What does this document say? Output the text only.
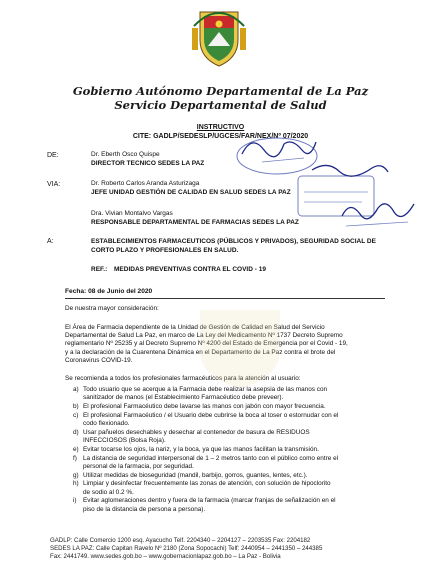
Gobierno Autónomo Departamental de La Paz
Servicio Departamental de Salud
INSTRUCTIVO
CITE: GADLP/SEDESLP/UGCES/FAR/NEX/Nº 07/2020
DE:	Dr. Eberth Osco Quispe
DIRECTOR TECNICO SEDES LA PAZ
VIA:	Dr. Roberto Carlos Aranda Asturizaga
JEFE UNIDAD GESTIÓN DE CALIDAD EN SALUD SEDES LA PAZ
Dra. Vivian Montalvo Vargas
RESPONSABLE DEPARTAMENTAL DE FARMACIAS SEDES LA PAZ
A:	ESTABLECIMIENTOS FARMACEUTICOS (PÚBLICOS Y PRIVADOS), SEGURIDAD SOCIAL DE
CORTO PLAZO Y PROFESIONALES EN SALUD.
REF.: MEDIDAS PREVENTIVAS CONTRA EL COVID - 19
Fecha: 08 de Junio del 2020
De nuestra mayor consideración:
El Área de Farmacia dependiente de la Unidad de Gestión de Calidad en Salud del Servicio
Departamental de Salud La Paz, en marco de La Ley del Medicamento Nº 1737 Decreto Supremo
reglamentario Nº 25235 y al Decreto Supremo Nº 4200 del Estado de Emergencia por el Covid - 19,
y a la declaración de la Cuarentena Dinámica en el Departamento de La Paz contra el brote del
Coronavirus COVID-19.
Se recomienda a todos los profesionales farmacéuticos para la atención al usuario:
a) Todo usuario que se acerque a la Farmacia debe realizar la asepsia de las manos con
sanitizador de manos (el Establecimiento Farmacéutico debe preveer).
b) El profesional Farmacéutico debe lavarse las manos con jabón con mayor frecuencia.
c) El profesional Farmacéutico / el Usuario debe cubrirse la boca al toser o estornudar con el
codo flexionado.
d) Usar pañuelos desechables y desechar al contenedor de basura de RESIDUOS
INFECCIOSOS (Bolsa Roja).
e) Evitar tocarse los ojos, la nariz, y la boca, ya que las manos facilitan la transmisión.
f) La distancia de seguridad interpersonal de 1 – 2 metros tanto con el público como entre el
personal de la farmacia, por seguridad.
g) Utilizar medidas de bioseguridad (mandil, barbijo, gorros, guantes, lentes, etc.).
h) Limpiar y desinfectar frecuentemente las zonas de atención, con solución de hipoclorito
de sodio al 0.2 %.
i) Evitar aglomeraciones dentro y fuera de la farmacia (marcar franjas de señalización en el
piso de la distancia de persona a persona).
GADLP: Calle Comercio 1200 esq. Ayacucho Telf. 2204340 – 2204127 – 2203535 Fax: 2204182
SEDES LA PAZ: Calle Capitan Ravelo Nº 2180 (Zona Sopocachi) Telf: 2440954 – 2441350 – 244385
Fax: 2441749. www.sedes.gob.bo – www.gobernacionlapaz.gob.bo – La Paz - Bolivia
